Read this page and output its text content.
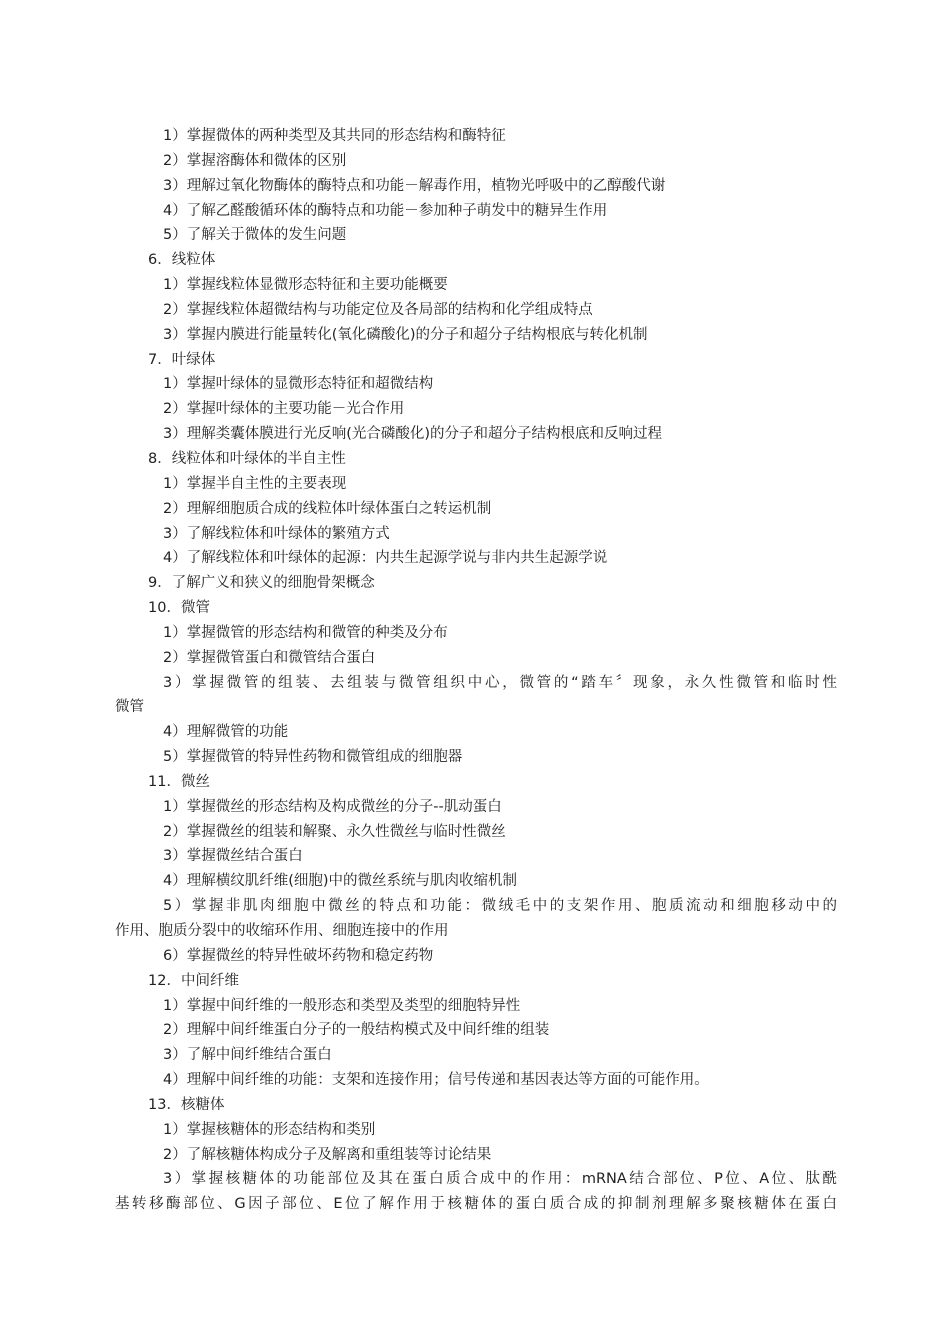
1）掌握微体的两种类型及其共同的形态结构和酶特征
2）掌握溶酶体和微体的区别
3）理解过氧化物酶体的酶特点和功能－解毒作用，植物光呼吸中的乙醇酸代谢
4）了解乙醛酸循环体的酶特点和功能－参加种子萌发中的糖异生作用
5）了解关于微体的发生问题
6．线粒体
1）掌握线粒体显微形态特征和主要功能概要
2）掌握线粒体超微结构与功能定位及各局部的结构和化学组成特点
3）掌握内膜进行能量转化(氧化磷酸化)的分子和超分子结构根底与转化机制
7．叶绿体
1）掌握叶绿体的显微形态特征和超微结构
2）掌握叶绿体的主要功能－光合作用
3）理解类囊体膜进行光反响(光合磷酸化)的分子和超分子结构根底和反响过程
8．线粒体和叶绿体的半自主性
1）掌握半自主性的主要表现
2）理解细胞质合成的线粒体叶绿体蛋白之转运机制
3）了解线粒体和叶绿体的繁殖方式
4）了解线粒体和叶绿体的起源：内共生起源学说与非内共生起源学说
9．了解广义和狭义的细胞骨架概念
10．微管
1）掌握微管的形态结构和微管的种类及分布
2）掌握微管蛋白和微管结合蛋白
3）掌握微管的组装、去组装与微管组织中心，微管的“踏车〞现象，永久性微管和临时性
微管
4）理解微管的功能
5）掌握微管的特异性药物和微管组成的细胞器
11．微丝
1）掌握微丝的形态结构及构成微丝的分子--肌动蛋白
2）掌握微丝的组装和解聚、永久性微丝与临时性微丝
3）掌握微丝结合蛋白
4）理解横纹肌纤维(细胞)中的微丝系统与肌肉收缩机制
5）掌握非肌肉细胞中微丝的特点和功能：微绒毛中的支架作用、胞质流动和细胞移动中的
作用、胞质分裂中的收缩环作用、细胞连接中的作用
6）掌握微丝的特异性破坏药物和稳定药物
12．中间纤维
1）掌握中间纤维的一般形态和类型及类型的细胞特异性
2）理解中间纤维蛋白分子的一般结构模式及中间纤维的组装
3）了解中间纤维结合蛋白
4）理解中间纤维的功能：支架和连接作用；信号传递和基因表达等方面的可能作用。
13．核糖体
1）掌握核糖体的形态结构和类别
2）了解核糖体构成分子及解离和重组装等讨论结果
3）掌握核糖体的功能部位及其在蛋白质合成中的作用：mRNA结合部位、P位、A位、肽酰
基转移酶部位、G因子部位、E位了解作用于核糖体的蛋白质合成的抑制剂理解多聚核糖体在蛋白
